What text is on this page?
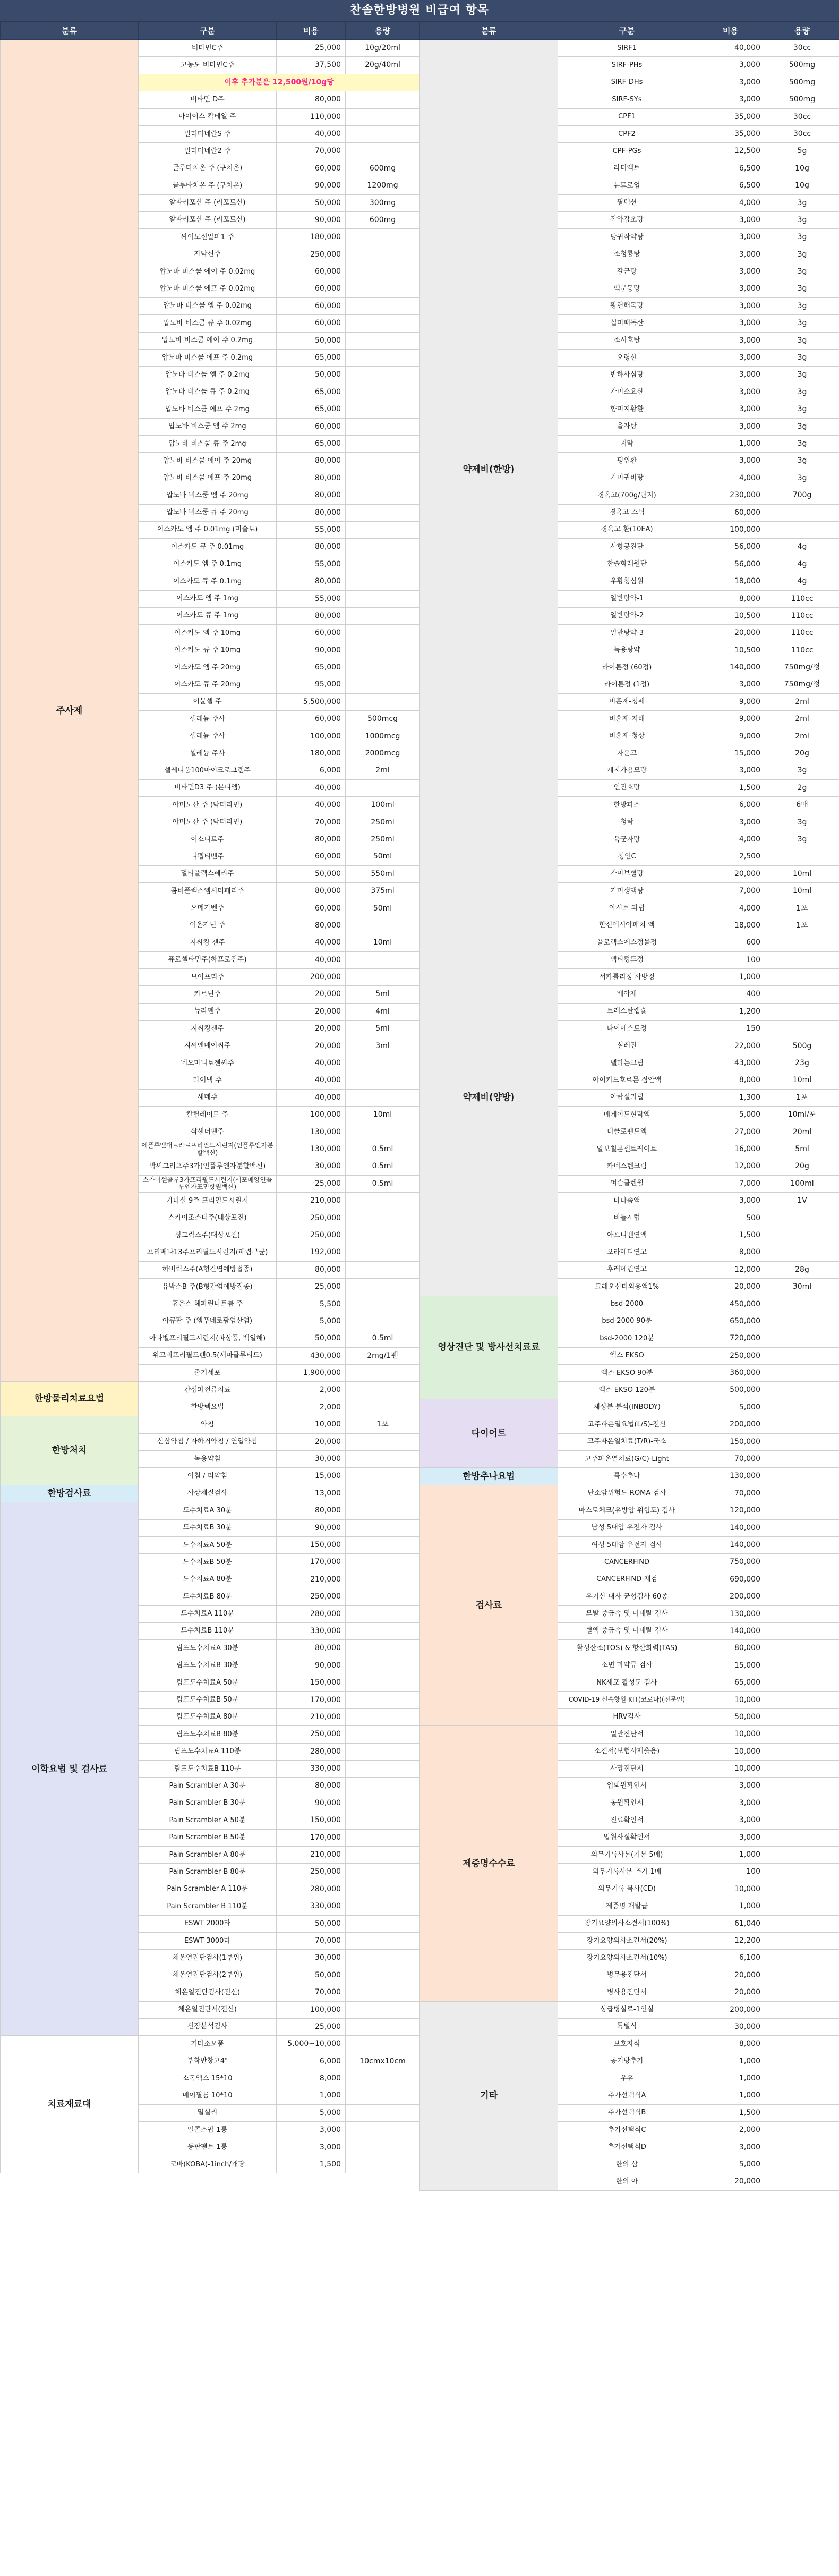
찬솔한방병원 비급여 항목
분류	구분	비용	용량
주사제	비타민C주	25,000	10g/20ml
	고농도 비타민C주	37,500	20g/40ml
	이후 추가분은 12,500원/10g당		
	비타민 D주	80,000	
	마이어스 칵테일 주	110,000	
	멀티미네랄S 주	40,000	
	멀티미네랄2 주	70,000	
	글루타치온 주 (구치온)	60,000	600mg
	글루타치온 주 (구치온)	90,000	1200mg
	알파리포산 주 (리포토신)	50,000	300mg
	알파리포산 주 (리포토신)	90,000	600mg
	싸이모신알파1 주	180,000	
	자닥신주	250,000	
	압노바 비스쿰 에이 주 0.02mg	60,000	
	압노바 비스쿰 에프 주 0.02mg	60,000	
	압노바 비스쿰 엠 주 0.02mg	60,000	
	압노바 비스쿰 큐 주 0.02mg	60,000	
	압노바 비스쿰 에이 주 0.2mg	50,000	
	압노바 비스쿰 에프 주 0.2mg	65,000	
	압노바 비스쿰 엠 주 0.2mg	50,000	
	압노바 비스쿰 큐 주 0.2mg	65,000	
	압노바 비스쿰 에프 주 2mg	65,000	
	압노바 비스쿰 엠 주 2mg	60,000	
	압노바 비스쿰 큐 주 2mg	65,000	
	압노바 비스쿰 에이 주 20mg	80,000	
	압노바 비스쿰 에프 주 20mg	80,000	
	압노바 비스쿰 엠 주 20mg	80,000	
	압노바 비스쿰 큐 주 20mg	80,000	
	이스카도 엠 주 0.01mg (미슬토)	55,000	
	이스카도 큐 주 0.01mg	80,000	
	이스카도 엠 주 0.1mg	55,000	
	이스카도 큐 주 0.1mg	80,000	
	이스카도 엠 주 1mg	55,000	
	이스카도 큐 주 1mg	80,000	
	이스카도 엠 주 10mg	60,000	
	이스카도 큐 주 10mg	90,000	
	이스카도 엠 주 20mg	65,000	
	이스카도 큐 주 20mg	95,000	
	이뮨셀 주	5,500,000	
	셀레늄 주사	60,000	500mcg
	셀레늄 주사	100,000	1000mcg
	셀레늄 주사	180,000	2000mcg
	셀레니움100마이크로그램주	6,000	2ml
	비타민D3 주 (본디엠)	40,000	
	아미노산 주 (닥터라민)	40,000	100ml
	아미노산 주 (닥터라민)	70,000	250ml
	이소니트주	80,000	250ml
	디펩티벤주	60,000	50ml
	멀티플렉스페리주	50,000	550ml
	콤비플렉스엠시티페리주	80,000	375ml
	오메가벤주	60,000	50ml
	이온가닌 주	80,000	
	지씨킹 젠주	40,000	10ml
	퓨로셀타민주(하프로진주)	40,000	
	브이프리주	200,000	
	카르닌주	20,000	5ml
	뉴라펜주	20,000	4ml
	지씨킹젠주	20,000	5ml
	지씨엔메이씨주	20,000	3ml
	네오마니토젠씨주	40,000	
	라이넥 주	40,000	
	새메주	40,000	
	칼릴레이트 주	100,000	10ml
	삭센더펜주	130,000	
	에플루엘대트라르프리필드시린지(인플루엔자분할백신)	130,000	0.5ml
	박씨그리프주3가(인플루엔자분할백신)	30,000	0.5ml
	스카이셀플루3가프리필드시린지(세포배양인플루엔자표면항원백신)	25,000	0.5ml
	가다실 9주 프리필드시린지	210,000	
	스카이조스터주(대상포진)	250,000	
	싱그릭스주(대상포진)	250,000	
	프리베나13주프리필드시린지(폐렴구균)	192,000	
	하버릭스주(A형간염예방접종)	80,000	
	유박스B 주(B형간염예방접종)	25,000	
	휴온스 헤파린나트륨 주	5,500	
	아큐판 주 (엠푸네로팜염산염)	5,000	
	아다벨프리필드시린지(파상풍, 백일해)	50,000	0.5ml
	위고비프리필드펜0.5(세마글루티드)	430,000	2mg/1펜
	줄기세포	1,900,000	
한방물리치료요법	간섭파전류치료	2,000	
	한방렉요법	2,000	
한방처치	약침	10,000	1포
	산삼약침 / 자하거약침 / 연엽약침	20,000	
	녹용약침	30,000	
	이침 / 리약침	15,000	
한방검사료	사상체질검사	13,000	
이학요법 및 검사료	도수치료A 30분	80,000	
	도수치료B 30분	90,000	
	도수치료A 50분	150,000	
	도수치료B 50분	170,000	
	도수치료A 80분	210,000	
	도수치료B 80분	250,000	
	도수치료A 110분	280,000	
	도수치료B 110분	330,000	
	림프도수치료A 30분	80,000	
	림프도수치료B 30분	90,000	
	림프도수치료A 50분	150,000	
	림프도수치료B 50분	170,000	
	림프도수치료A 80분	210,000	
	림프도수치료B 80분	250,000	
	림프도수치료A 110분	280,000	
	림프도수치료B 110분	330,000	
	Pain Scrambler A 30분	80,000	
	Pain Scrambler B 30분	90,000	
	Pain Scrambler A 50분	150,000	
	Pain Scrambler B 50분	170,000	
	Pain Scrambler A 80분	210,000	
	Pain Scrambler B 80분	250,000	
	Pain Scrambler A 110분	280,000	
	Pain Scrambler B 110분	330,000	
	ESWT 2000타	50,000	
	ESWT 3000타	70,000	
	체온열진단검사(1부위)	30,000	
	체온열진단검사(2부위)	50,000	
	체온열진단검사(전신)	70,000	
	체온열진단서(전신)	100,000	
	신장분석검사	25,000	
치료재료대	기타소모품	5,000~10,000	
	부착반창고4"	6,000	10cmx10cm
	소독액스 15*10	8,000	
	메이필름 10*10	1,000	
	멸실리	5,000	
	얼콜스팝 1통	3,000	
	동판팬트 1통	3,000	
	코바(KOBA)-1inch/개당	1,500	
분류	구분	비용	용량
약제비(한방)	SIRF1	40,000	30cc
	SIRF-PHs	3,000	500mg
	SIRF-DHs	3,000	500mg
	SIRF-SYs	3,000	500mg
	CPF1	35,000	30cc
	CPF2	35,000	30cc
	CPF-PGs	12,500	5g
	라디엑트	6,500	10g
	뉴트로업	6,500	10g
	필텍션	4,000	3g
	작약감초탕	3,000	3g
	당귀작약탕	3,000	3g
	소청룡탕	3,000	3g
	갈근탕	3,000	3g
	맥문동탕	3,000	3g
	황련해독탕	3,000	3g
	십미패독산	3,000	3g
	소시호탕	3,000	3g
	오령산	3,000	3g
	반하사심탕	3,000	3g
	가미소요산	3,000	3g
	향미지황환	3,000	3g
	을자탕	3,000	3g
	지락	1,000	3g
	평위환	3,000	3g
	가미귀비탕	4,000	3g
	경옥고(700g/단지)	230,000	700g
	경옥고 스틱	60,000	
	경옥고 환(10EA)	100,000	
	사향공진단	56,000	4g
	찬솔화래원단	56,000	4g
	우황청심원	18,000	4g
	일반탕약-1	8,000	110cc
	일반탕약-2	10,500	110cc
	일반탕약-3	20,000	110cc
	녹용탕약	10,500	110cc
	라이톤정 (60정)	140,000	750mg/정
	라이톤정 (1정)	3,000	750mg/정
	비훈제-청폐	9,000	2ml
	비훈제-지해	9,000	2ml
	비훈제-청상	9,000	2ml
	자운고	15,000	20g
	계지가용모탕	3,000	3g
	인진호탕	1,500	2g
	한방파스	6,000	6매
	청락	3,000	3g
	육군자탕	4,000	3g
	청인C	2,500	
	가미보혈탕	20,000	10ml
	가미생맥탕	7,000	10ml
약제비(양방)	아시트 과립	4,000	1포
	한신에시아패치 액	18,000	1포
	플로렉스에스정몰정	600	
	맥티펑드정	100	
	서카톨리정 사방정	1,000	
	베아제	400	
	트레스탄캡슐	1,200	
	다이메스토정	150	
	실레진	22,000	500g
	벨라논크림	43,000	23g
	아이커드호르몬 점안액	8,000	10ml
	아락실과립	1,300	1포
	메게이드현탁액	5,000	10ml/포
	디클로펜드액	27,000	20ml
	알보칠콘센트레이트	16,000	5ml
	카네스텐크림	12,000	20g
	퍼슨클렌월	7,000	100ml
	타나솜액	3,000	1V
	비톨시럽	500	
	아프니벤연액	1,500	
	오라메디연고	8,000	
	후레베린연고	12,000	28g
	크레오신티외용액1%	20,000	30ml
영상진단 및 방사선치료료	bsd-2000	450,000	
	bsd-2000 90분	650,000	
	bsd-2000 120분	720,000	
	엑스 EKSO	250,000	
	엑스 EKSO 90분	360,000	
	엑스 EKSO 120분	500,000	
다이어트	체성분 분석(INBODY)	5,000	
	고주파온열요법(L/S)-전신	200,000	
	고주파온열치료(T/R)-국소	150,000	
	고주파온열치료(G/C)-Light	70,000	
한방추나요법	특수추나	130,000	
검사료	난소암위험도 ROMA 검사	70,000	
	마스토체크(유방암 위험도) 검사	120,000	
	남성 5대암 유전자 검사	140,000	
	여성 5대암 유전자 검사	140,000	
	CANCERFIND	750,000	
	CANCERFIND-재검	690,000	
	유기산 대사 균형검사 60종	200,000	
	모발 중금속 및 미네랄 검사	130,000	
	혈액 중금속 및 미네랄 검사	140,000	
	활성산소(TOS) & 항산화력(TAS)	80,000	
	소변 마약류 검사	15,000	
	NK세포 활성도 검사	65,000	
	COVID-19 신속항원 KIT(코로나)(전문인)	10,000	
	HRV검사	50,000	
제증명수수료	일반진단서	10,000	
	소견서(보험사제출용)	10,000	
	사망진단서	10,000	
	입퇴원확인서	3,000	
	통원확인서	3,000	
	진료확인서	3,000	
	입원사실확인서	3,000	
	의무기록사본(기본 5매)	1,000	
	의무기록사본 추가 1매	100	
	의무기록 복사(CD)	10,000	
	제증명 재발급	1,000	
	장기요양의사소견서(100%)	61,040	
	장기요양의사소견서(20%)	12,200	
	장기요양의사소견서(10%)	6,100	
	병무용진단서	20,000	
	병사용진단서	20,000	
기타	상급병실료-1인실	200,000	
	특별식	30,000	
	보호자식	8,000	
	공기방추가	1,000	
	우유	1,000	
	추가선택식A	1,000	
	추가선택식B	1,500	
	추가선택식C	2,000	
	추가선택식D	3,000	
	한의 삼	5,000	
	한의 아	20,000	
